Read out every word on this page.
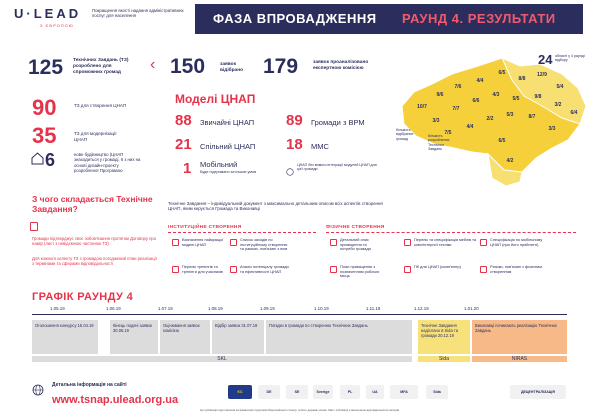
U·LEAD
З ЄВРОПОЮ
Покращення якості надання адміністративних послуг для населення	ФАЗА ВПРОВАДЖЕННЯ РАУНД 4. РЕЗУЛЬТАТИ
125 Технічних Завдань (ТЗ) розроблено для спроможних громад	‹
90	ТЗ для створення ЦНАП
35	ТЗ для модернізації ЦНАП
6	нове будівництво (ЦНАП знаходиться у громаді, 6 з них на основі дизайн-проекту розробленої Програмою
150	заявок відібрано 179	заявок проаналізовано експертною комісією
Моделі ЦНАП
88 Звичайні ЦНАП 89 Громади з ВРМ
21 Спільний ЦНАП 18 ММС
1 Мобільний
Буде підтримано за іншою умов
ЦНАП без вимоги інтеграції модулей ЦНАП для цієї громади
10/7
9/6
7/6
4/4
6/5
8/8
12/9
5/4
3/3
7/7
6/6
4/3
5/5	9/8
3/2
6/4
7/5
4/4
2/2
5/3	8/7
3/3
6/5
4/2
24 області у 4 раунді відбору
Кількість відібраних громад
Кількість розроблених Технічних Завдань
З чого складається Технічне Завдання?
Громади підтверджує своє зобов'язання протягом Договору про намір (лист з невідємною частиною ТЗ)
Для кожного аспекту ТЗ з громадою погоджений план реалізації з термінами та сферами відповідальності
Технічне Завдання – індивідуальний документ з максимально детальним описом всіх аспектів створення ЦНАП, яким керується Громада та Виконавці
ІНСТИТУЦІЙНЕ СТВОРЕННЯ	ФІЗИЧНЕ СТВОРЕННЯ
Визначення найкращої моделі ЦНАП
Список заходів по інституційному створенню та рамках, пов'язані з ним
Перелік тренінгів та тренінги для учасників
Аналіз потенціалу громади та ефективності ЦНАП
Детальний опис приміщення та потреби громади
Перелік та специфікація меблів та комп'ютерної техніки
Специфікація по мобільному ЦНАП (при його прийнятті)
План приміщення з позначенням робочих місць
ПК для ЦНАП (комп'ютер)	Ризики, пов'язані з фізичним створенням
ГРАФІК РАУНДУ 4
1.05.19	1.06.19	1.07.19	1.08.19	1.09.19	1.10.19	1.11.19	1.12.19	1.01.20
Оголошення конкурсу 15.04.19	Кінець подачі заявок 30.06.19
Оцінювання заявок комісією
Відбір заявок 31.07.19	Поїздки в громади по створенню Технічних Завдань	Технічне Завдання надіслано в Sida та громади 20.12.19
Виконавці починають реалізацію Технічних Завдань
SKL	Sida	NIRAS
Детальна інформація на сайті
www.tsnap.ulead.org.ua
ЄС	DE	SE	Sverige	PL	UA	MFA	Sida	ДЕЦЕНТРАЛІЗАЦІЯ
Ця публікація підготовлена за фінансової підтримки Європейського Союзу та його держав-членів. Зміст публікації є виключною відповідальністю авторів.
